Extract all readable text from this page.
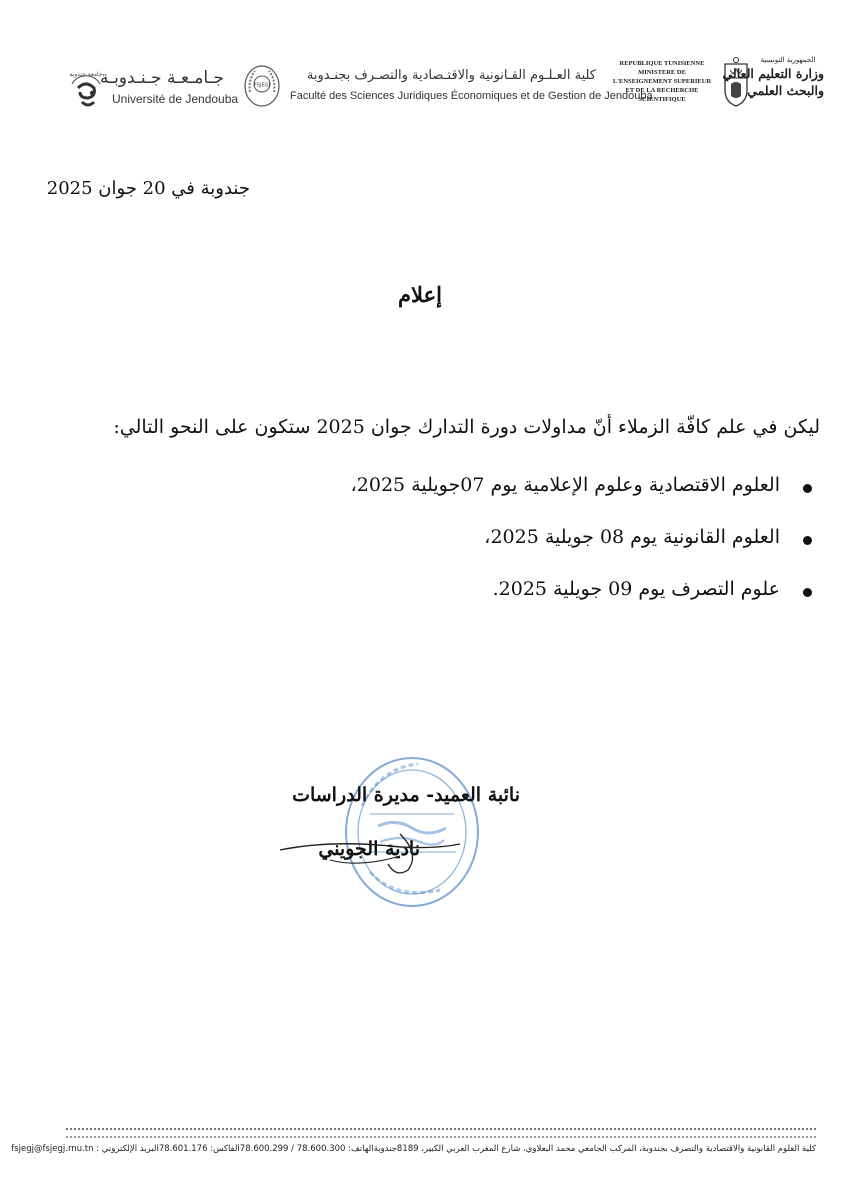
جامعة جندوبة
جـامـعـة جـنـدوبـة
Université de Jendouba
FSJEGJ
كلية العـلـوم القـانونية والاقتـصادية والتصـرف بجنـدوبة
Faculté des Sciences Juridiques Économiques et de Gestion de Jendouba
REPUBLIQUE TUNISIENNE
MINISTERE DE
L'ENSEIGNEMENT SUPERIEUR
ET DE LA RECHERCHE
SCIENTIFIQUE
الجمهورية التونسية
وزارة التعليم العالي
والبحث العلمي
جندوبة في 20 جوان 2025
إعلام
ليكن في علم كافّة الزملاء أنّ مداولات دورة التدارك جوان 2025 ستكون على النحو التالي:
العلوم الاقتصادية وعلوم الإعلامية يوم 07جويلية 2025،
العلوم القانونية يوم 08 جويلية 2025،
علوم التصرف يوم 09 جويلية 2025.
نائبة العميد- مديرة الدراسات
نادية الجويني
كلية العلوم القانونية والاقتصادية والتصرف بجندوبة، المركب الجامعي محمد البعلاوي، شارع المغرب العربي الكبير، 8189جندوبةالهاتف: 78.600.300 / 78.600.299الفاكس: 78.601.176البريد الإلكتروني : fsjegj@fsjegj.rnu.tn
